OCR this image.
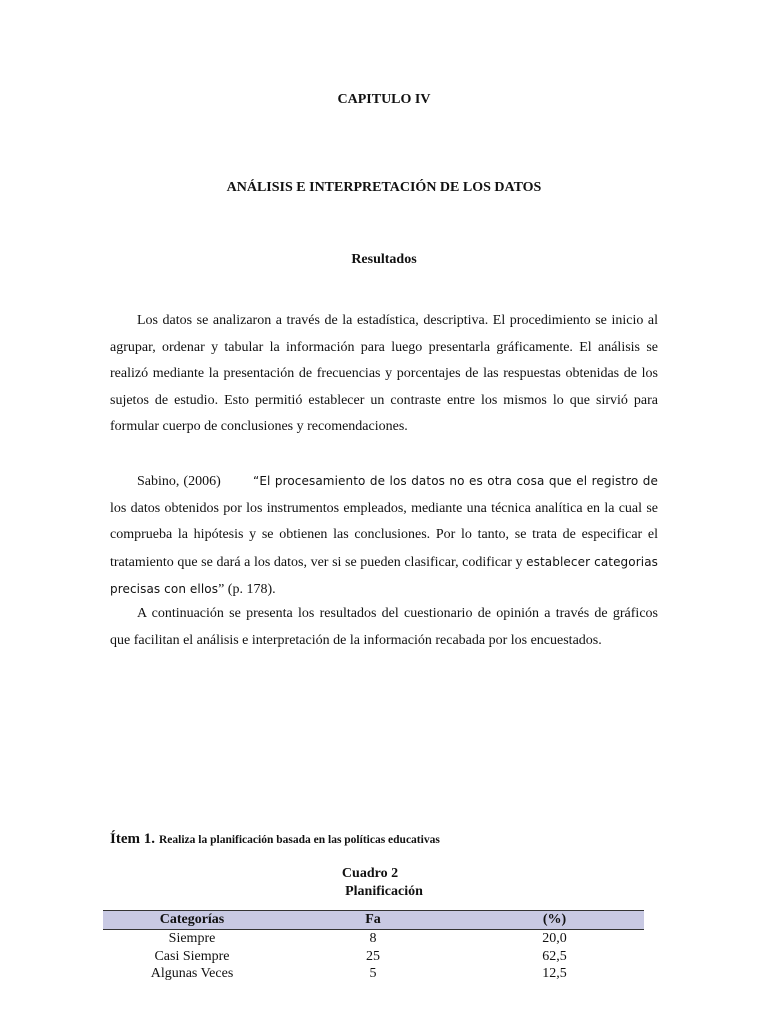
CAPITULO IV
ANÁLISIS E INTERPRETACIÓN DE LOS DATOS
Resultados

Los datos se analizaron a través de la estadística, descriptiva. El procedimiento se inicio al agrupar, ordenar y tabular la información para luego presentarla gráficamente. El análisis se realizó mediante la presentación de frecuencias y porcentajes de las respuestas obtenidas de los sujetos de estudio. Esto permitió establecer un contraste entre los mismos lo que sirvió para formular cuerpo de conclusiones y recomendaciones.

Sabino, (2006)	“El procesamiento de los datos no es otra cosa que el registro de los datos obtenidos por los instrumentos empleados, mediante una técnica analítica en la cual se comprueba la hipótesis y se obtienen las conclusiones. Por lo tanto, se trata de especificar el tratamiento que se dará a los datos, ver si se pueden clasificar, codificar y establecer categorias precisas con ellos” (p. 178).

A continuación se presenta los resultados del cuestionario de opinión a través de gráficos que facilitan el análisis e interpretación de la información recabada por los encuestados.

Ítem 1. Realiza la planificación basada en las políticas educativas
Cuadro 2
Planificación
Categorías	Fa	(%)
Siempre	8	20,0
Casi Siempre	25	62,5
Algunas Veces	5	12,5
